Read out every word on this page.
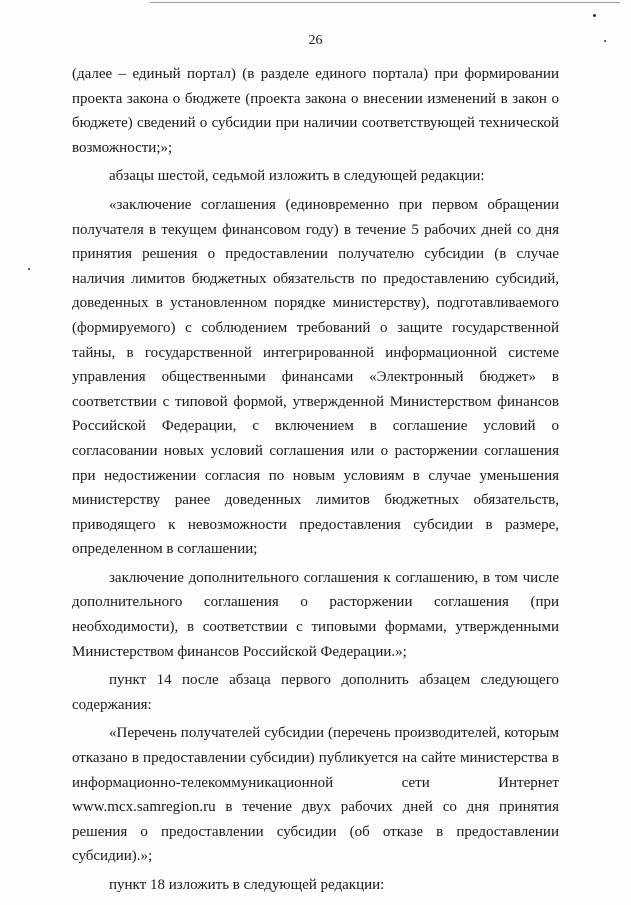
26

(далее – единый портал) (в разделе единого портала) при формировании проекта закона о бюджете (проекта закона о внесении изменений в закон о бюджете) сведений о субсидии при наличии соответствующей технической возможности;»;

абзацы шестой, седьмой изложить в следующей редакции:

«заключение соглашения (единовременно при первом обращении получателя в текущем финансовом году) в течение 5 рабочих дней со дня принятия решения о предоставлении получателю субсидии (в случае наличия лимитов бюджетных обязательств по предоставлению субсидий, доведенных в установленном порядке министерству), подготавливаемого (формируемого) с соблюдением требований о защите государственной тайны, в государственной интегрированной информационной системе управления общественными финансами «Электронный бюджет» в соответствии с типовой формой, утвержденной Министерством финансов Российской Федерации, с включением в соглашение условий о согласовании новых условий соглашения или о расторжении соглашения при недостижении согласия по новым условиям в случае уменьшения министерству ранее доведенных лимитов бюджетных обязательств, приводящего к невозможности предоставления субсидии в размере, определенном в соглашении;

заключение дополнительного соглашения к соглашению, в том числе дополнительного соглашения о расторжении соглашения (при необходимости), в соответствии с типовыми формами, утвержденными Министерством финансов Российской Федерации.»;

пункт 14 после абзаца первого дополнить абзацем следующего содержания:

«Перечень получателей субсидии (перечень производителей, которым отказано в предоставлении субсидии) публикуется на сайте министерства в информационно-телекоммуникационной сети Интернет www.mcx.samregion.ru в течение двух рабочих дней со дня принятия решения о предоставлении субсидии (об отказе в предоставлении субсидии).»;

пункт 18 изложить в следующей редакции:
